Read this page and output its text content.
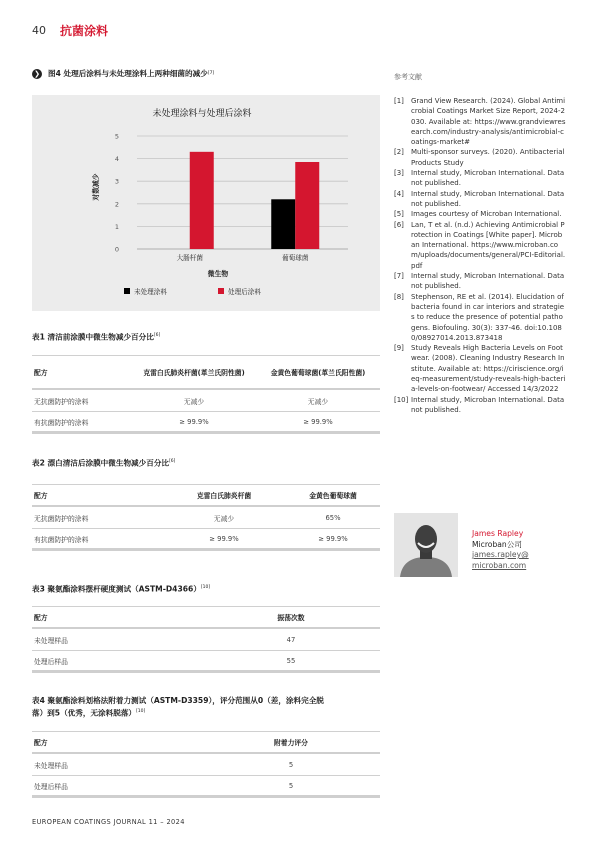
40 抗菌涂料
❯ 图4 处理后涂料与未处理涂料上两种细菌的减少 [7]
未处理涂料与处理后涂料
0
1
2
3
4
5
大肠杆菌	葡萄球菌
对数减少
微生物
未处理涂料	处理后涂料
表1 清洁前涂膜中微生物减少百分比[6]
配方	克雷白氏肺炎杆菌(革兰氏阴性菌)	金黄色葡萄球菌(革兰氏阳性菌)
无抗菌防护的涂料	无减少	无减少
有抗菌防护的涂料	≥ 99.9%	≥ 99.9%
表2 漂白清洁后涂膜中微生物减少百分比[6]
配方	克雷白氏肺炎杆菌	金黄色葡萄球菌
无抗菌防护的涂料	无减少	65%
有抗菌防护的涂料	≥ 99.9%	≥ 99.9%
表3 聚氨酯涂料摆杆硬度测试（ASTM-D4366）[10]
配方	振荡次数
未处理样品	47
处理后样品	55
表4 聚氨酯涂料划格法附着力测试（ASTM-D3359），评分范围从0（差，涂料完全脱
落）到5（优秀，无涂料脱落）[10]
配方	附着力评分
未处理样品	5
处理后样品	5
参考文献
[1]	Grand View Research. (2024). Global Antimicrobial Coatings Market Size Report, 2024-2030. Available at: https://www.grandviewresearch.com/industry-analysis/antimicrobial-coatings-market#
[2]	Multi-sponsor surveys. (2020). Antibacterial Products Study
[3]	Internal study, Microban International. Data not published.
[4]	Internal study, Microban International. Data not published.
[5]	Images courtesy of Microban International.
[6]	Lan, T et al. (n.d.) Achieving Antimicrobial Protection in Coatings [White paper]. Microban International. https://www.microban.com/uploads/documents/general/PCI-Editorial.pdf
[7]	Internal study, Microban International. Data not published.
[8]	Stephenson, RE et al. (2014). Elucidation of bacteria found in car interiors and strategies to reduce the presence of potential pathogens. Biofouling. 30(3): 337-46. doi:10.1080/08927014.2013.873418
[9]	Study Reveals High Bacteria Levels on Footwear. (2008). Cleaning Industry Research Institute. Available at: https://ciriscience.org/ieq-measurement/study-reveals-high-bacteria-levels-on-footwear/ Accessed 14/3/2022
[10] Internal study, Microban International. Data not published.
James Rapley
Microban公司
james.rapley@
microban.com
EUROPEAN COATINGS JOURNAL 11 – 2024
